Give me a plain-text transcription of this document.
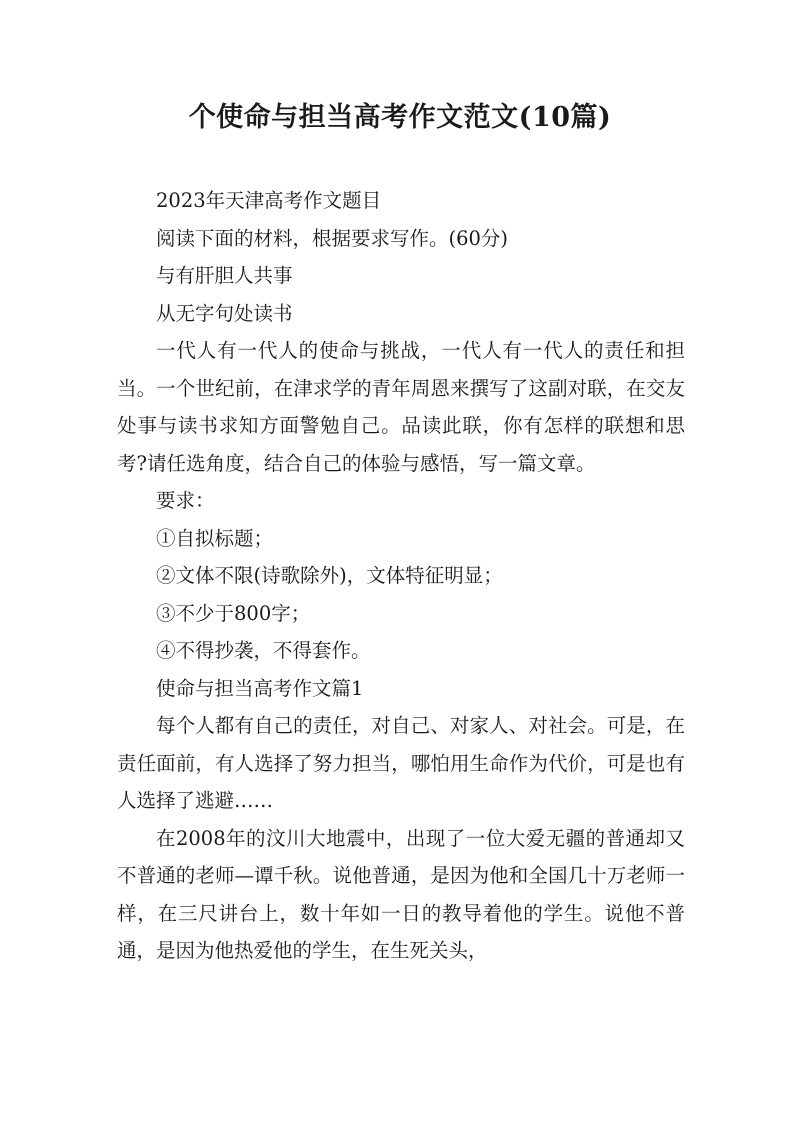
个使命与担当高考作文范文(10篇)

2023年天津高考作文题目

阅读下面的材料，根据要求写作。(60分)

与有肝胆人共事

从无字句处读书

一代人有一代人的使命与挑战，一代人有一代人的责任和担当。一个世纪前，在津求学的青年周恩来撰写了这副对联，在交友处事与读书求知方面警勉自己。品读此联，你有怎样的联想和思考?请任选角度，结合自己的体验与感悟，写一篇文章。

要求：

①自拟标题；

②文体不限(诗歌除外)，文体特征明显；

③不少于800字；

④不得抄袭，不得套作。

使命与担当高考作文篇1

每个人都有自己的责任，对自己、对家人、对社会。可是，在责任面前，有人选择了努力担当，哪怕用生命作为代价，可是也有人选择了逃避……

在2008年的汶川大地震中，出现了一位大爱无疆的普通却又不普通的老师—谭千秋。说他普通，是因为他和全国几十万老师一样，在三尺讲台上，数十年如一日的教导着他的学生。说他不普通，是因为他热爱他的学生，在生死关头，
